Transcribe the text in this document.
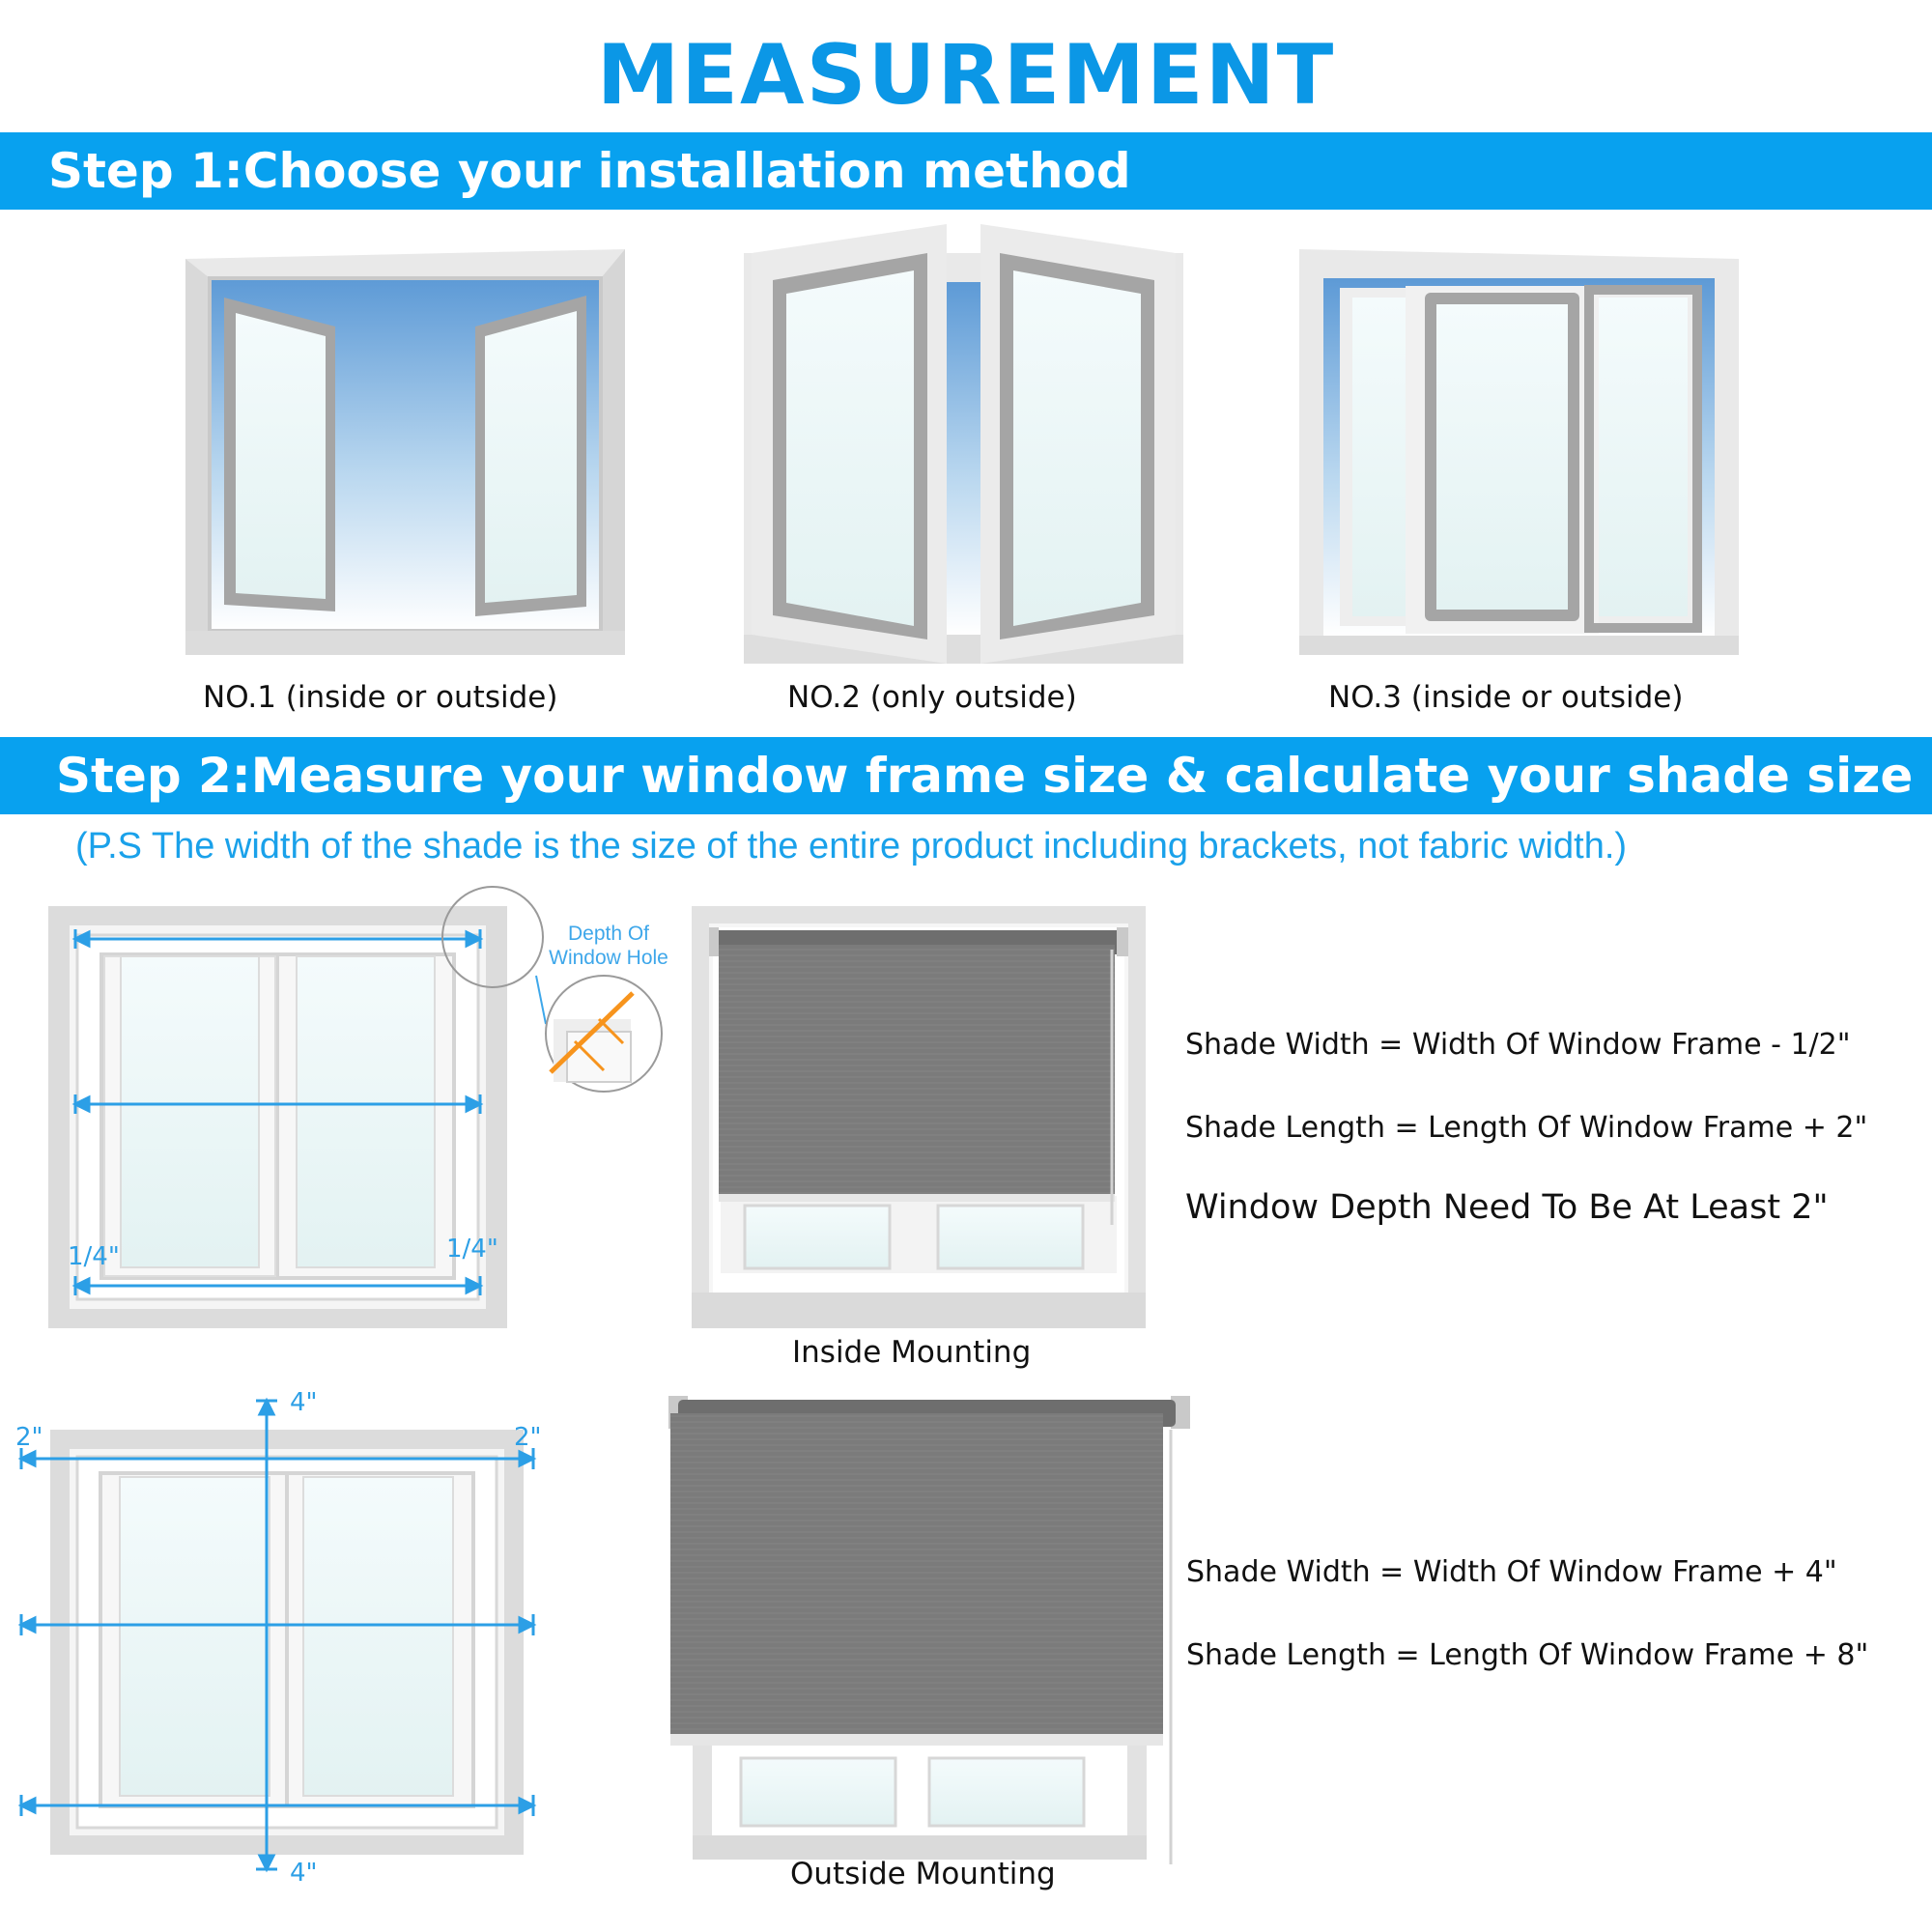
MEASUREMENT
Step 1:Choose your installation method
NO.1 (inside or outside)	NO.2 (only outside)	NO.3 (inside or outside)
Step 2:Measure your window frame size & calculate your shade size
(P.S The width of the shade is the size of the entire product including brackets, not fabric width.)
1/4"	1/4"
Depth Of
Window Hole
Inside Mounting
Shade Width = Width Of Window Frame - 1/2"
Shade Length = Length Of Window Frame + 2"
Window Depth Need To Be At Least 2"
4"
4"
2"	2"
Outside Mounting
Shade Width = Width Of Window Frame + 4"
Shade Length = Length Of Window Frame + 8"
